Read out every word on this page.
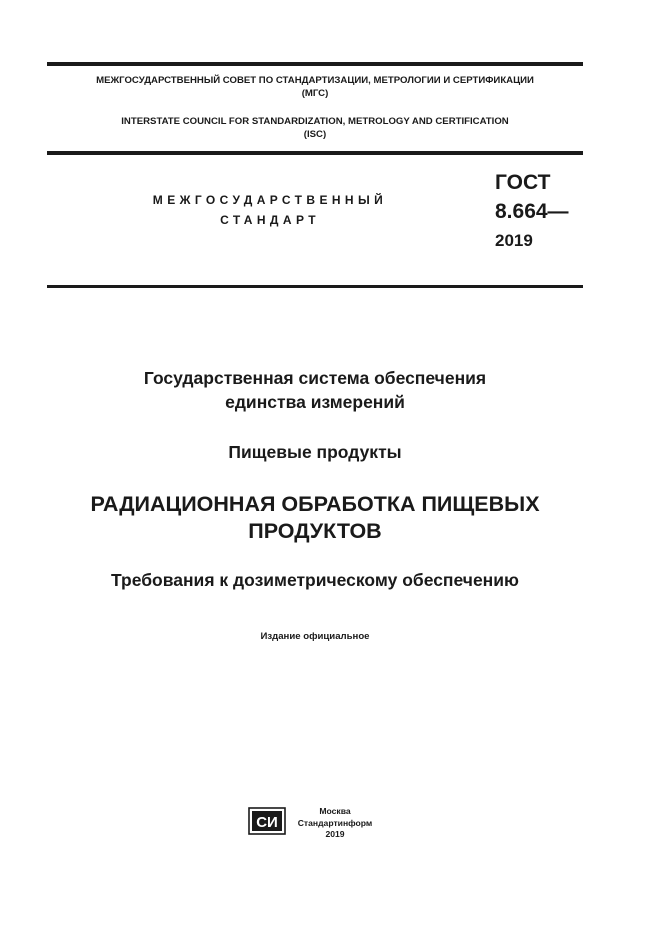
МЕЖГОСУДАРСТВЕННЫЙ СОВЕТ ПО СТАНДАРТИЗАЦИИ, МЕТРОЛОГИИ И СЕРТИФИКАЦИИ
(МГС)
INTERSTATE COUNCIL FOR STANDARDIZATION, METROLOGY AND CERTIFICATION
(ISC)
МЕЖГОСУДАРСТВЕННЫЙ
СТАНДАРТ
ГОСТ
8.664—
2019
Государственная система обеспечения
единства измерений
Пищевые продукты
РАДИАЦИОННАЯ ОБРАБОТКА ПИЩЕВЫХ
ПРОДУКТОВ
Требования к дозиметрическому обеспечению
Издание официальное
СИ
Москва
Стандартинформ
2019
